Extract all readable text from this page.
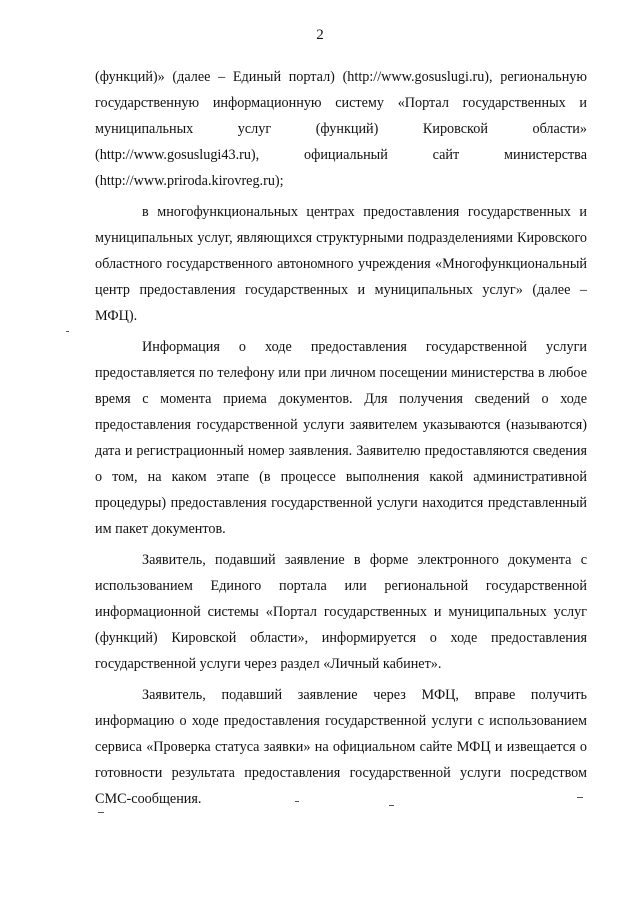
2

(функций)» (далее – Единый портал) (http://www.gosuslugi.ru), региональную государственную информационную систему «Портал государственных и муниципальных услуг (функций) Кировской области» (http://www.gosuslugi43.ru), официальный сайт министерства (http://www.priroda.kirovreg.ru);

в многофункциональных центрах предоставления государственных и муниципальных услуг, являющихся структурными подразделениями Кировского областного государственного автономного учреждения «Многофункциональный центр предоставления государственных и муниципальных услуг» (далее – МФЦ).

Информация о ходе предоставления государственной услуги предоставляется по телефону или при личном посещении министерства в любое время с момента приема документов. Для получения сведений о ходе предоставления государственной услуги заявителем указываются (называются) дата и регистрационный номер заявления. Заявителю предоставляются сведения о том, на каком этапе (в процессе выполнения какой административной процедуры) предоставления государственной услуги находится представленный им пакет документов.

Заявитель, подавший заявление в форме электронного документа с использованием Единого портала или региональной государственной информационной системы «Портал государственных и муниципальных услуг (функций) Кировской области», информируется о ходе предоставления государственной услуги через раздел «Личный кабинет».

Заявитель, подавший заявление через МФЦ, вправе получить информацию о ходе предоставления государственной услуги с использованием сервиса «Проверка статуса заявки» на официальном сайте МФЦ и извещается о готовности результата предоставления государственной услуги посредством СМС-сообщения.
